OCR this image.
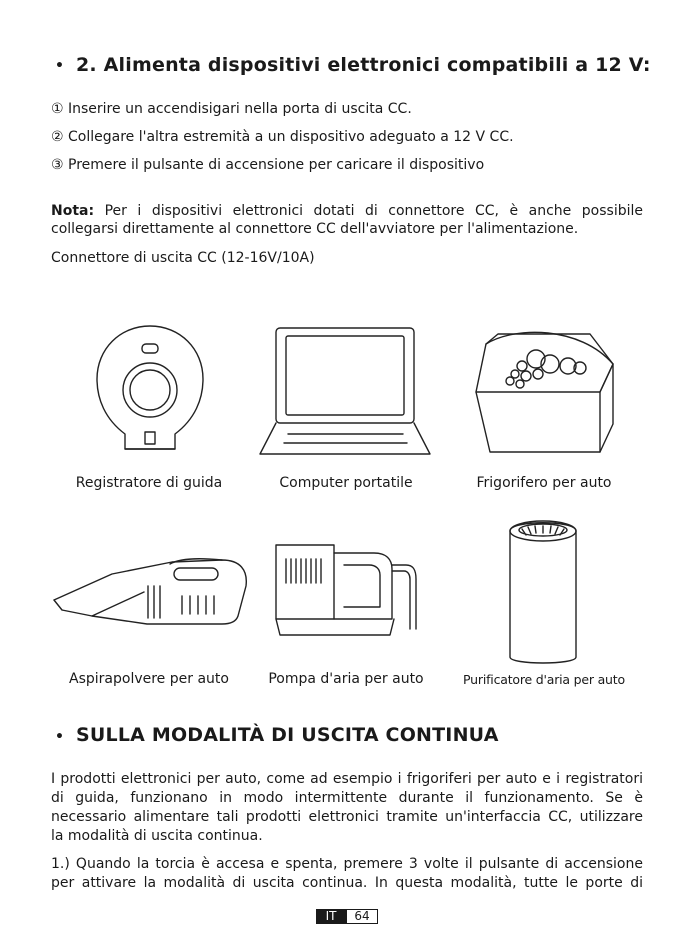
• 2. Alimenta dispositivi elettronici compatibili a 12 V:
① Inserire un accendisigari nella porta di uscita CC.
② Collegare l'altra estremità a un dispositivo adeguato a 12 V CC.
③ Premere il pulsante di accensione per caricare il dispositivo
Nota: Per i dispositivi elettronici dotati di connettore CC, è anche possibile
collegarsi direttamente al connettore CC dell'avviatore per l'alimentazione.
Connettore di uscita CC (12-16V/10A)
Registratore di guida	Computer portatile	Frigorifero per auto
Aspirapolvere per auto	Pompa d'aria per auto	Purificatore d'aria per auto
• SULLA MODALITÀ DI USCITA CONTINUA
I prodotti elettronici per auto, come ad esempio i frigoriferi per auto e i registratori
di guida, funzionano in modo intermittente durante il funzionamento. Se è
necessario alimentare tali prodotti elettronici tramite un'interfaccia CC, utilizzare
la modalità di uscita continua.
1.) Quando la torcia è accesa e spenta, premere 3 volte il pulsante di accensione
per attivare la modalità di uscita continua. In questa modalità, tutte le porte di
IT	64
